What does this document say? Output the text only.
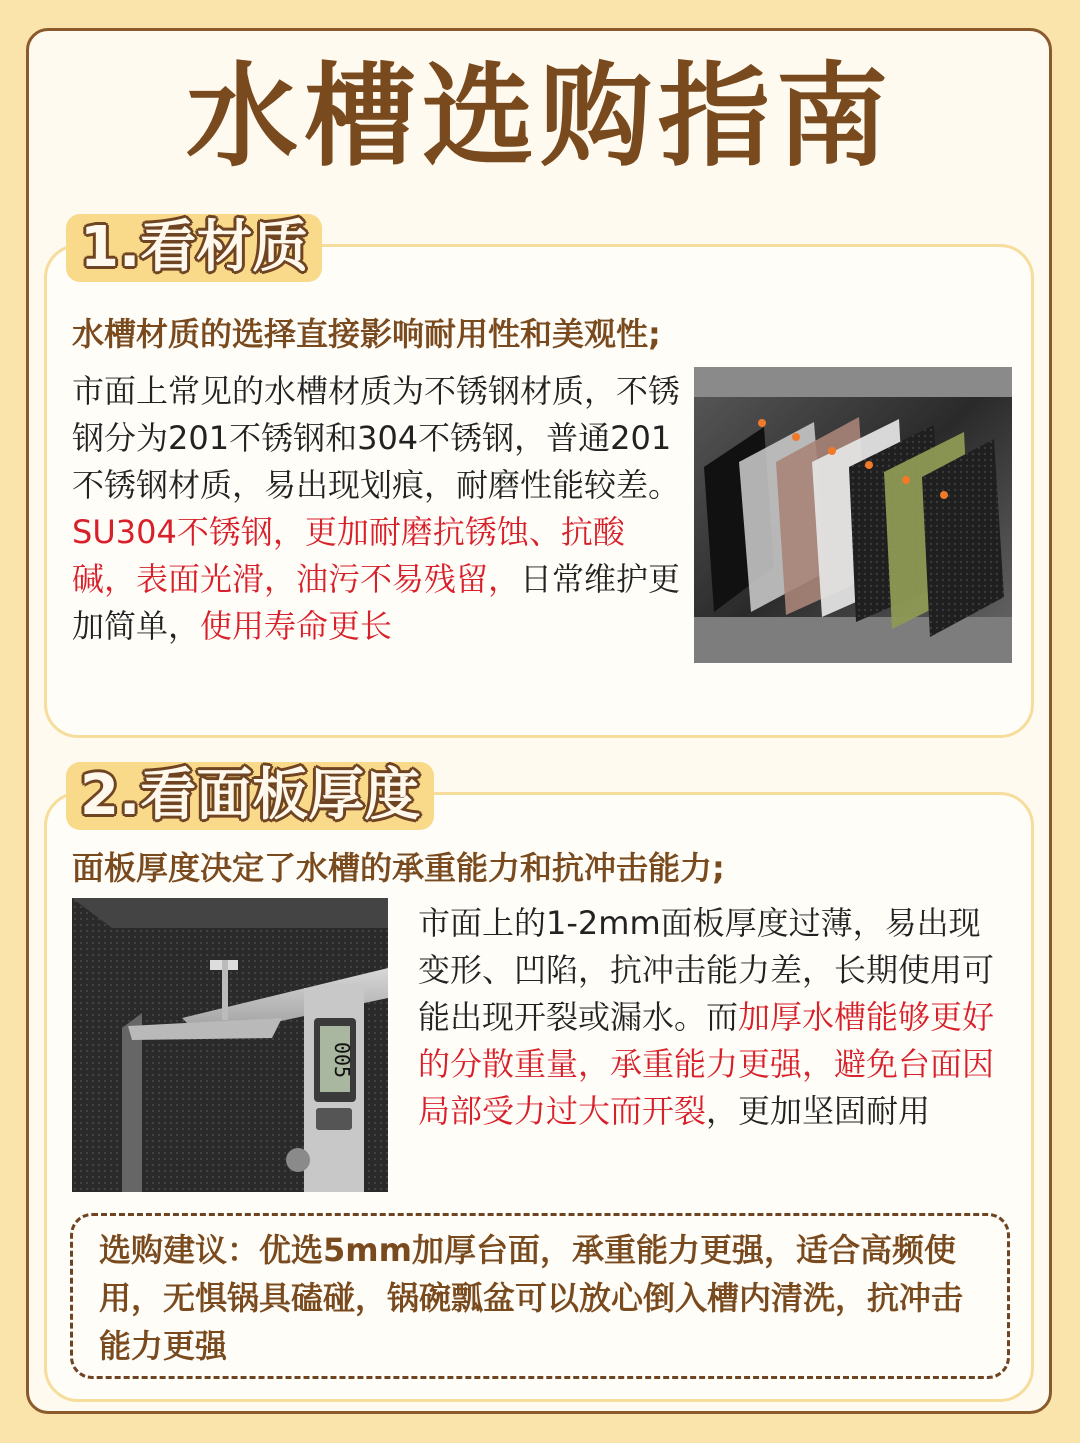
水槽选购指南
1.看材质
水槽材质的选择直接影响耐用性和美观性;
市面上常见的水槽材质为不锈钢材质，不锈钢分为201不锈钢和304不锈钢，普通201不锈钢材质，易出现划痕，耐磨性能较差。SU304不锈钢，更加耐磨抗锈蚀、抗酸碱，表面光滑，油污不易残留，日常维护更加简单，使用寿命更长
2.看面板厚度
面板厚度决定了水槽的承重能力和抗冲击能力;
005
市面上的1-2mm面板厚度过薄，易出现变形、凹陷，抗冲击能力差，长期使用可能出现开裂或漏水。而加厚水槽能够更好的分散重量，承重能力更强，避免台面因局部受力过大而开裂，更加坚固耐用
选购建议：优选5mm加厚台面，承重能力更强，适合高频使用，无惧锅具磕碰，锅碗瓢盆可以放心倒入槽内清洗，抗冲击能力更强
